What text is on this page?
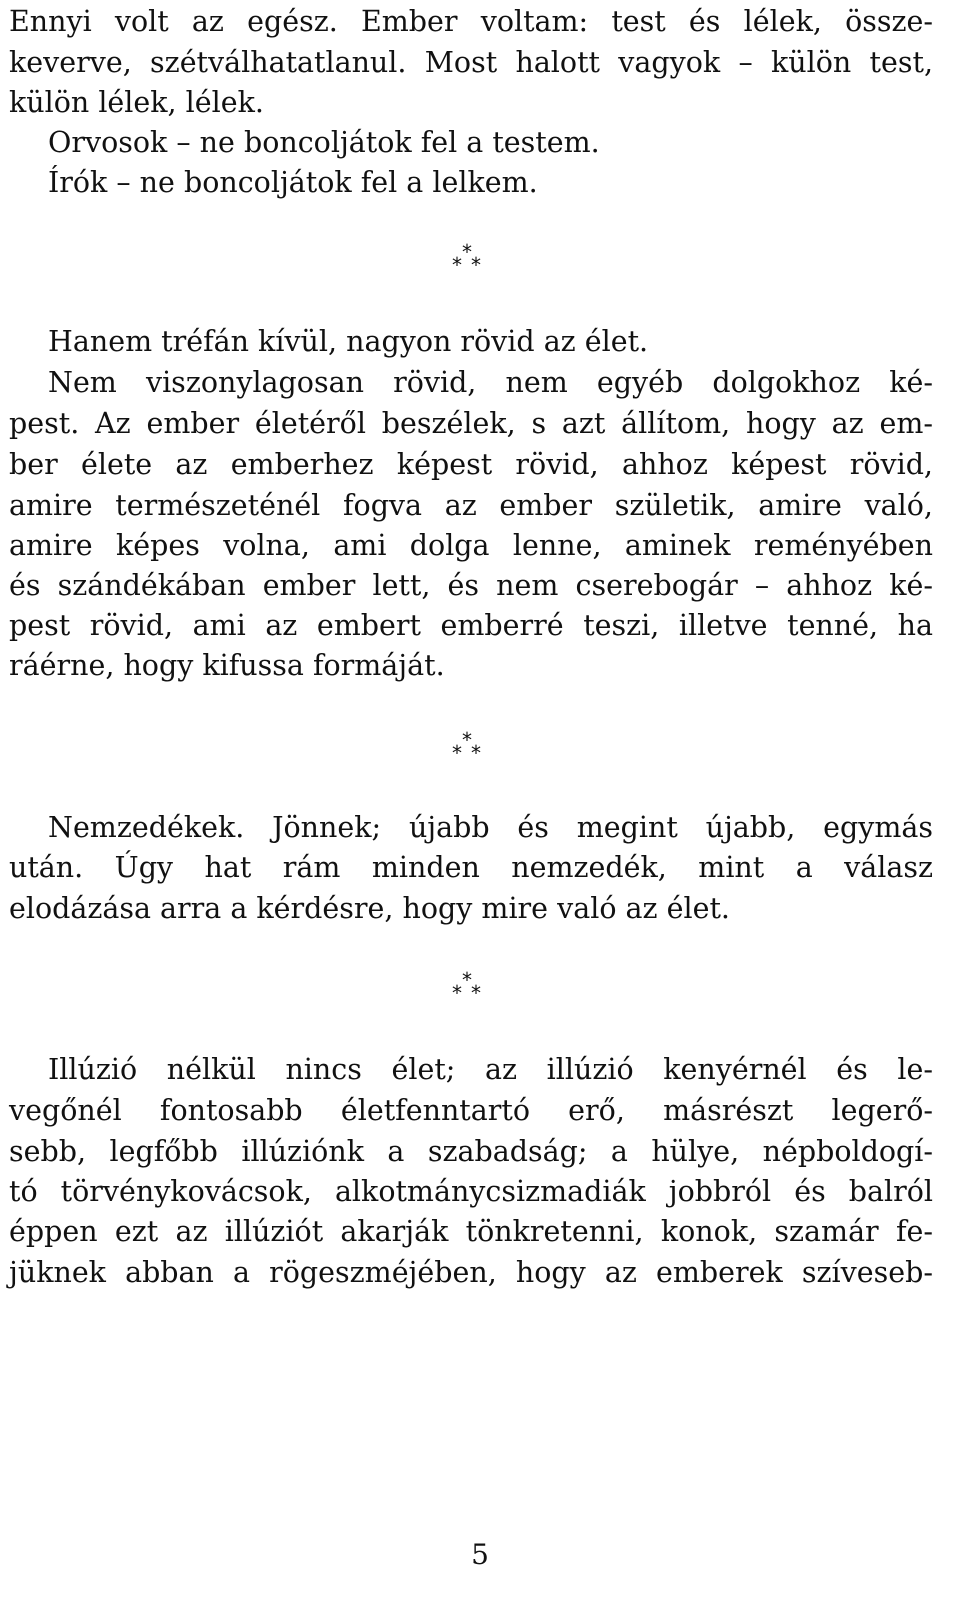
Ennyi volt az egész. Ember voltam: test és lélek, össze-
keverve, szétválhatatlanul. Most halott vagyok – külön test,
külön lélek, lélek.
Orvosok – ne boncoljátok fel a testem.
Írók – ne boncoljátok fel a lelkem.
*
* *
Hanem tréfán kívül, nagyon rövid az élet.
Nem viszonylagosan rövid, nem egyéb dolgokhoz ké-
pest. Az ember életéről beszélek, s azt állítom, hogy az em-
ber élete az emberhez képest rövid, ahhoz képest rövid,
amire természeténél fogva az ember születik, amire való,
amire képes volna, ami dolga lenne, aminek reményében
és szándékában ember lett, és nem cserebogár – ahhoz ké-
pest rövid, ami az embert emberré teszi, illetve tenné, ha
ráérne, hogy kifussa formáját.
*
* *
Nemzedékek. Jönnek; újabb és megint újabb, egymás
után. Úgy hat rám minden nemzedék, mint a válasz
elodázása arra a kérdésre, hogy mire való az élet.
*
* *
Illúzió nélkül nincs élet; az illúzió kenyérnél és le-
vegőnél fontosabb életfenntartó erő, másrészt legerő-
sebb, legfőbb illúziónk a szabadság; a hülye, népboldogí-
tó törvénykovácsok, alkotmánycsizmadiák jobbról és balról
éppen ezt az illúziót akarják tönkretenni, konok, szamár fe-
jüknek abban a rögeszméjében, hogy az emberek szíveseb-
5
